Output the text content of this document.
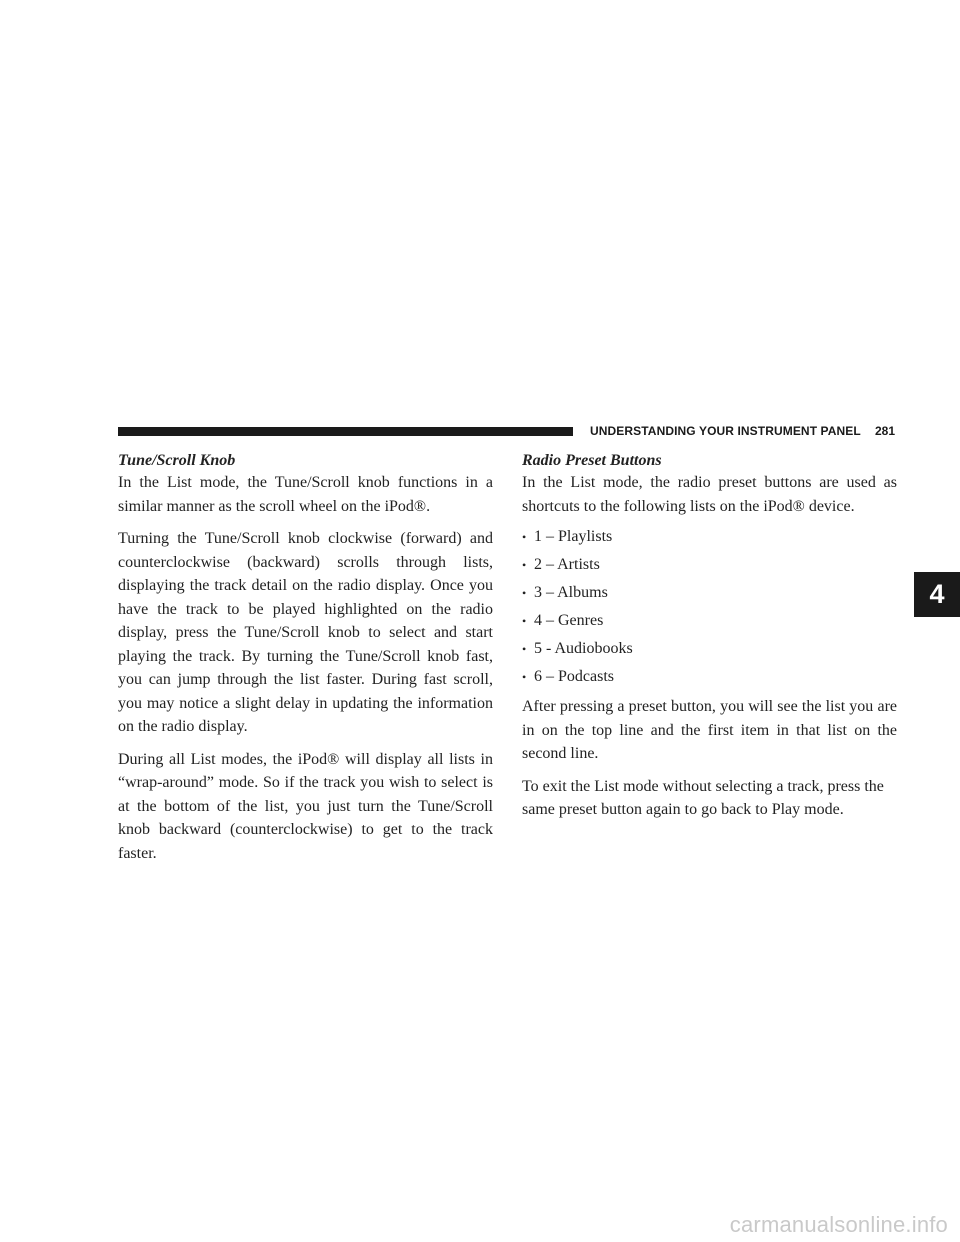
UNDERSTANDING YOUR INSTRUMENT PANEL 281
Tune/Scroll Knob

In the List mode, the Tune/Scroll knob functions in a similar manner as the scroll wheel on the iPod®.

Turning the Tune/Scroll knob clockwise (forward) and counterclockwise (backward) scrolls through lists, displaying the track detail on the radio display. Once you have the track to be played highlighted on the radio display, press the Tune/Scroll knob to select and start playing the track. By turning the Tune/Scroll knob fast, you can jump through the list faster. During fast scroll, you may notice a slight delay in updating the information on the radio display.

During all List modes, the iPod® will display all lists in “wrap-around” mode. So if the track you wish to select is at the bottom of the list, you just turn the Tune/Scroll knob backward (counterclockwise) to get to the track faster.

Radio Preset Buttons

In the List mode, the radio preset buttons are used as shortcuts to the following lists on the iPod® device.

• 1 – Playlists
• 2 – Artists
• 3 – Albums
• 4 – Genres
• 5 - Audiobooks
• 6 – Podcasts

After pressing a preset button, you will see the list you are in on the top line and the first item in that list on the second line.

To exit the List mode without selecting a track, press the same preset button again to go back to Play mode.

4
carmanualsonline.info
